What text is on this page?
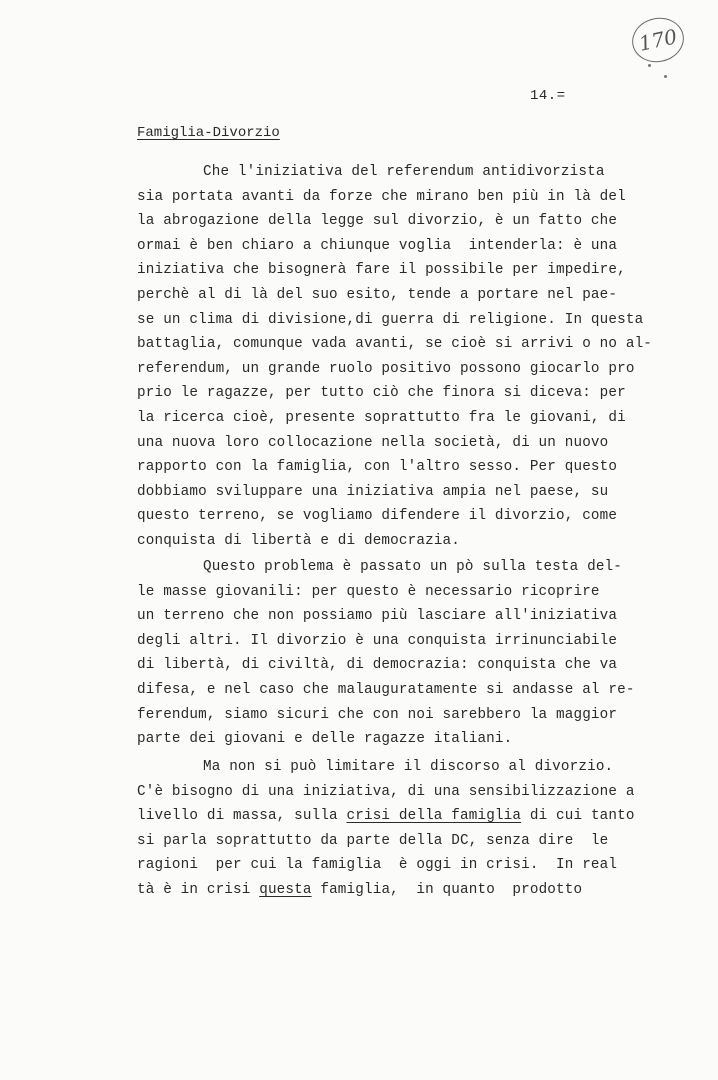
170
14.=
Famiglia-Divorzio
Che l'iniziativa del referendum antidivorzista
sia portata avanti da forze che mirano ben più in là del
la abrogazione della legge sul divorzio, è un fatto che
ormai è ben chiaro a chiunque voglia  intenderla: è una
iniziativa che bisognerà fare il possibile per impedire,
perchè al di là del suo esito, tende a portare nel pae-
se un clima di divisione,di guerra di religione. In questa
battaglia, comunque vada avanti, se cioè si arrivi o no al-
referendum, un grande ruolo positivo possono giocarlo pro
prio le ragazze, per tutto ciò che finora si diceva: per
la ricerca cioè, presente soprattutto fra le giovani, di
una nuova loro collocazione nella società, di un nuovo
rapporto con la famiglia, con l'altro sesso. Per questo
dobbiamo sviluppare una iniziativa ampia nel paese, su
questo terreno, se vogliamo difendere il divorzio, come
conquista di libertà e di democrazia.
Questo problema è passato un pò sulla testa del-
le masse giovanili: per questo è necessario ricoprire
un terreno che non possiamo più lasciare all'iniziativa
degli altri. Il divorzio è una conquista irrinunciabile
di libertà, di civiltà, di democrazia: conquista che va
difesa, e nel caso che malauguratamente si andasse al re-
ferendum, siamo sicuri che con noi sarebbero la maggior
parte dei giovani e delle ragazze italiani.
Ma non si può limitare il discorso al divorzio.
C'è bisogno di una iniziativa, di una sensibilizzazione a
livello di massa, sulla crisi della famiglia di cui tanto
si parla soprattutto da parte della DC, senza dire  le
ragioni  per cui la famiglia  è oggi in crisi.  In real
tà è in crisi questa famiglia,  in quanto  prodotto
